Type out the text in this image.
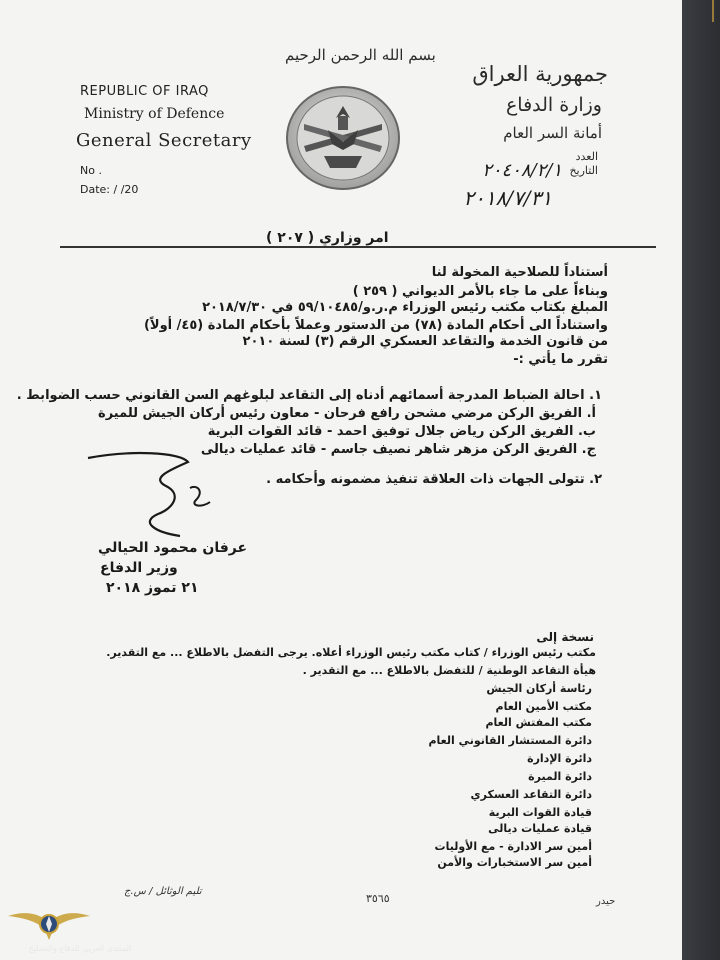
REPUBLIC OF IRAQ
Ministry of Defence
General Secretary
No .
Date: / /20
بسم الله الرحمن الرحيم
جمهورية العراق
وزارة الدفاع
أمانة السر العام
العدد
التاريخ
٢٠٤٠٨/٢/١
٢٠١٨/٧/٣١
امر وزاري ( ٢٠٧ )
أستناداً للصلاحية المخولة لنا
وبناءاً على ما جاء بالأمر الديواني ( ٢٥٩ )
المبلغ بكتاب مكتب رئيس الوزراء م.ر.و/٥٩/١٠٤٨٥ في ٢٠١٨/٧/٣٠
واستناداً الى أحكام المادة (٧٨) من الدستور وعملاً بأحكام المادة (٤٥/ أولاً)
من قانون الخدمة والتقاعد العسكري الرقم (٣) لسنة ٢٠١٠
تقرر ما يأتي :-
١. احالة الضباط المدرجة أسمائهم أدناه إلى التقاعد لبلوغهم السن القانوني حسب الضوابط .
أ. الفريق الركن مرضي مشحن رافع فرحان - معاون رئيس أركان الجيش للميرة
ب. الفريق الركن رياض جلال توفيق احمد - قائد القوات البرية
ج. الفريق الركن مزهر شاهر نصيف جاسم - قائد عمليات ديالى
٢. تتولى الجهات ذات العلاقة تنفيذ مضمونه وأحكامه .
عرفان محمود الحيالي
وزير الدفاع
٢١ تموز ٢٠١٨
نسخة إلى
مكتب رئيس الوزراء / كتاب مكتب رئيس الوزراء أعلاه. يرجى التفضل بالاطلاع ... مع التقدير.
هيأة التقاعد الوطنية / للتفضل بالاطلاع ... مع التقدير .
رئاسة أركان الجيش
مكتب الأمين العام
مكتب المفتش العام
دائرة المستشار القانوني العام
دائرة الإدارة
دائرة الميرة
دائرة التقاعد العسكري
قيادة القوات البرية
قيادة عمليات ديالى
أمين سر الادارة - مع الأوليات
أمين سر الاستخبارات والأمن
تليم الوثائل / س.ج
٣٥٦٥	حيدر
المنتدى العربي للدفاع والتسليح
